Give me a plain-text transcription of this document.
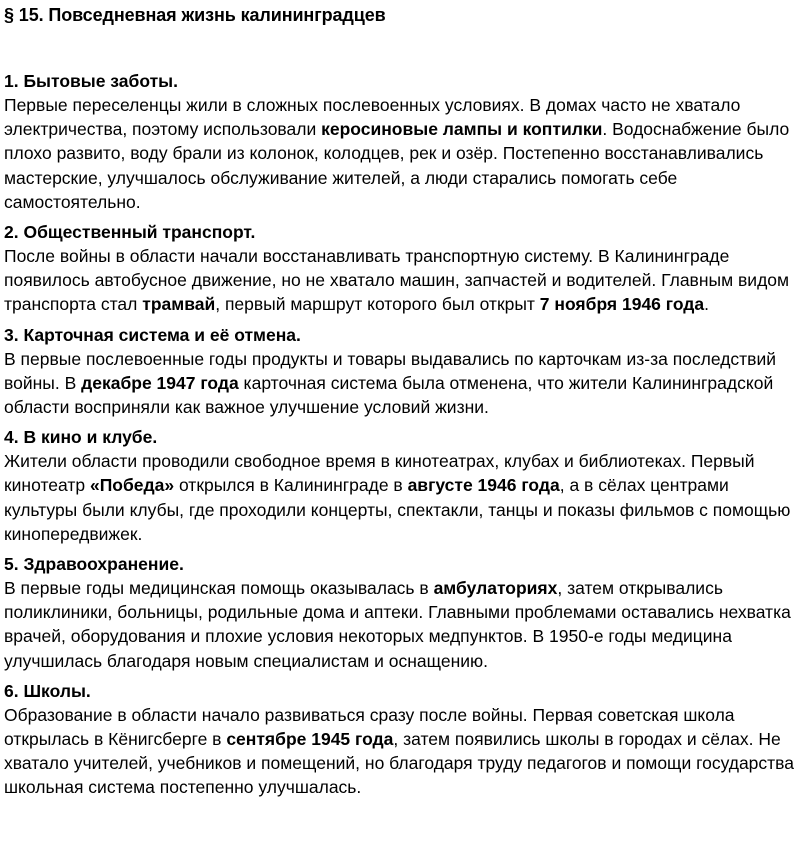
§ 15. Повседневная жизнь калининградцев
1. Бытовые заботы.

Первые переселенцы жили в сложных послевоенных условиях. В домах часто не хватало электричества, поэтому использовали керосиновые лампы и коптилки. Водоснабжение было плохо развито, воду брали из колонок, колодцев, рек и озёр. Постепенно восстанавливались мастерские, улучшалось обслуживание жителей, а люди старались помогать себе самостоятельно.

2. Общественный транспорт.

После войны в области начали восстанавливать транспортную систему. В Калининграде появилось автобусное движение, но не хватало машин, запчастей и водителей. Главным видом транспорта стал трамвай, первый маршрут которого был открыт 7 ноября 1946 года.

3. Карточная система и её отмена.

В первые послевоенные годы продукты и товары выдавались по карточкам из-за последствий войны. В декабре 1947 года карточная система была отменена, что жители Калининградской области восприняли как важное улучшение условий жизни.

4. В кино и клубе.

Жители области проводили свободное время в кинотеатрах, клубах и библиотеках. Первый кинотеатр «Победа» открылся в Калининграде в августе 1946 года, а в сёлах центрами культуры были клубы, где проходили концерты, спектакли, танцы и показы фильмов с помощью кинопередвижек.

5. Здравоохранение.

В первые годы медицинская помощь оказывалась в амбулаториях, затем открывались поликлиники, больницы, родильные дома и аптеки. Главными проблемами оставались нехватка врачей, оборудования и плохие условия некоторых медпунктов. В 1950-е годы медицина улучшилась благодаря новым специалистам и оснащению.

6. Школы.

Образование в области начало развиваться сразу после войны. Первая советская школа открылась в Кёнигсберге в сентябре 1945 года, затем появились школы в городах и сёлах. Не хватало учителей, учебников и помещений, но благодаря труду педагогов и помощи государства школьная система постепенно улучшалась.
